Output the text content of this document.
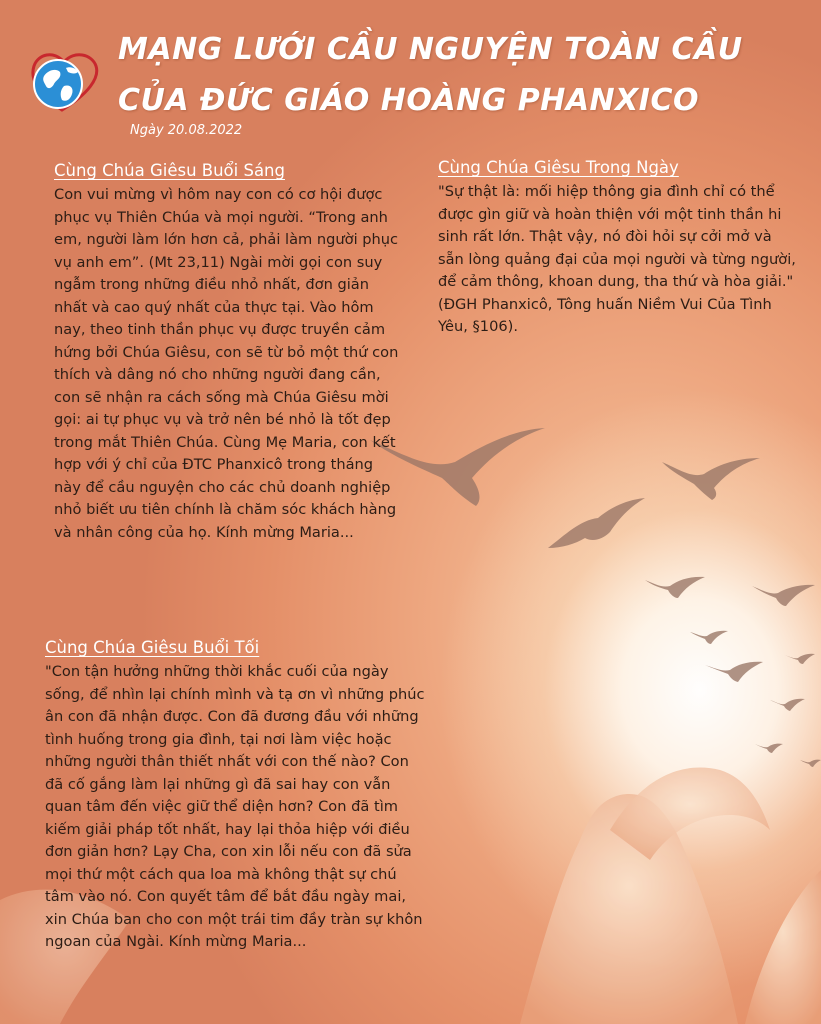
MẠNG LƯỚI CẦU NGUYỆN TOÀN CẦU
CỦA ĐỨC GIÁO HOÀNG PHANXICO

Ngày 20.08.2022

Cùng Chúa Giêsu Buổi Sáng

Con vui mừng vì hôm nay con có cơ hội được phục vụ Thiên Chúa và mọi người. “Trong anh em, người làm lớn hơn cả, phải làm người phục vụ anh em”. (Mt 23,11) Ngài mời gọi con suy ngẫm trong những điều nhỏ nhất, đơn giản nhất và cao quý nhất của thực tại. Vào hôm nay, theo tinh thần phục vụ được truyền cảm hứng bởi Chúa Giêsu, con sẽ từ bỏ một thứ con thích và dâng nó cho những người đang cần, con sẽ nhận ra cách sống mà Chúa Giêsu mời gọi: ai tự phục vụ và trở nên bé nhỏ là tốt đẹp trong mắt Thiên Chúa. Cùng Mẹ Maria, con kết hợp với ý chỉ của ĐTC Phanxicô trong tháng này để cầu nguyện cho các chủ doanh nghiệp nhỏ biết ưu tiên chính là chăm sóc khách hàng và nhân công của họ. Kính mừng Maria...

Cùng Chúa Giêsu Trong Ngày

"Sự thật là: mối hiệp thông gia đình chỉ có thể được gìn giữ và hoàn thiện với một tinh thần hi sinh rất lớn. Thật vậy, nó đòi hỏi sự cởi mở và sẵn lòng quảng đại của mọi người và từng người, để cảm thông, khoan dung, tha thứ và hòa giải." (ĐGH Phanxicô, Tông huấn Niềm Vui Của Tình Yêu, §106).

Cùng Chúa Giêsu Buổi Tối

"Con tận hưởng những thời khắc cuối của ngày sống, để nhìn lại chính mình và tạ ơn vì những phúc ân con đã nhận được. Con đã đương đầu với những tình huống trong gia đình, tại nơi làm việc hoặc những người thân thiết nhất với con thế nào? Con đã cố gắng làm lại những gì đã sai hay con vẫn quan tâm đến việc giữ thể diện hơn? Con đã tìm kiếm giải pháp tốt nhất, hay lại thỏa hiệp với điều đơn giản hơn? Lạy Cha, con xin lỗi nếu con đã sửa mọi thứ một cách qua loa mà không thật sự chú tâm vào nó. Con quyết tâm để bắt đầu ngày mai, xin Chúa ban cho con một trái tim đầy tràn sự khôn ngoan của Ngài. Kính mừng Maria...
